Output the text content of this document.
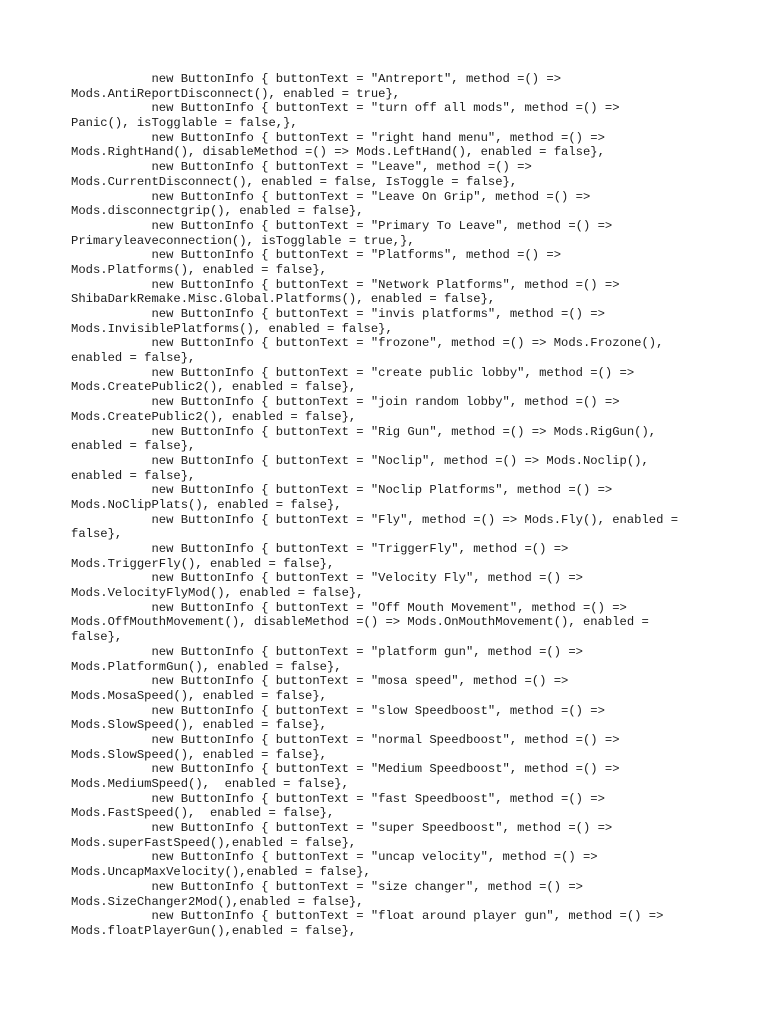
new ButtonInfo { buttonText = "Antreport", method =() =>
Mods.AntiReportDisconnect(), enabled = true},
new ButtonInfo { buttonText = "turn off all mods", method =() =>
Panic(), isTogglable = false,},
new ButtonInfo { buttonText = "right hand menu", method =() =>
Mods.RightHand(), disableMethod =() => Mods.LeftHand(), enabled = false},
new ButtonInfo { buttonText = "Leave", method =() =>
Mods.CurrentDisconnect(), enabled = false, IsToggle = false},
new ButtonInfo { buttonText = "Leave On Grip", method =() =>
Mods.disconnectgrip(), enabled = false},
new ButtonInfo { buttonText = "Primary To Leave", method =() =>
Primaryleaveconnection(), isTogglable = true,},
new ButtonInfo { buttonText = "Platforms", method =() =>
Mods.Platforms(), enabled = false},
new ButtonInfo { buttonText = "Network Platforms", method =() =>
ShibaDarkRemake.Misc.Global.Platforms(), enabled = false},
new ButtonInfo { buttonText = "invis platforms", method =() =>
Mods.InvisiblePlatforms(), enabled = false},
new ButtonInfo { buttonText = "frozone", method =() => Mods.Frozone(),
enabled = false},
new ButtonInfo { buttonText = "create public lobby", method =() =>
Mods.CreatePublic2(), enabled = false},
new ButtonInfo { buttonText = "join random lobby", method =() =>
Mods.CreatePublic2(), enabled = false},
new ButtonInfo { buttonText = "Rig Gun", method =() => Mods.RigGun(),
enabled = false},
new ButtonInfo { buttonText = "Noclip", method =() => Mods.Noclip(),
enabled = false},
new ButtonInfo { buttonText = "Noclip Platforms", method =() =>
Mods.NoClipPlats(), enabled = false},
new ButtonInfo { buttonText = "Fly", method =() => Mods.Fly(), enabled =
false},
new ButtonInfo { buttonText = "TriggerFly", method =() =>
Mods.TriggerFly(), enabled = false},
new ButtonInfo { buttonText = "Velocity Fly", method =() =>
Mods.VelocityFlyMod(), enabled = false},
new ButtonInfo { buttonText = "Off Mouth Movement", method =() =>
Mods.OffMouthMovement(), disableMethod =() => Mods.OnMouthMovement(), enabled =
false},
new ButtonInfo { buttonText = "platform gun", method =() =>
Mods.PlatformGun(), enabled = false},
new ButtonInfo { buttonText = "mosa speed", method =() =>
Mods.MosaSpeed(), enabled = false},
new ButtonInfo { buttonText = "slow Speedboost", method =() =>
Mods.SlowSpeed(), enabled = false},
new ButtonInfo { buttonText = "normal Speedboost", method =() =>
Mods.SlowSpeed(), enabled = false},
new ButtonInfo { buttonText = "Medium Speedboost", method =() =>
Mods.MediumSpeed(),  enabled = false},
new ButtonInfo { buttonText = "fast Speedboost", method =() =>
Mods.FastSpeed(),  enabled = false},
new ButtonInfo { buttonText = "super Speedboost", method =() =>
Mods.superFastSpeed(),enabled = false},
new ButtonInfo { buttonText = "uncap velocity", method =() =>
Mods.UncapMaxVelocity(),enabled = false},
new ButtonInfo { buttonText = "size changer", method =() =>
Mods.SizeChanger2Mod(),enabled = false},
new ButtonInfo { buttonText = "float around player gun", method =() =>
Mods.floatPlayerGun(),enabled = false},
